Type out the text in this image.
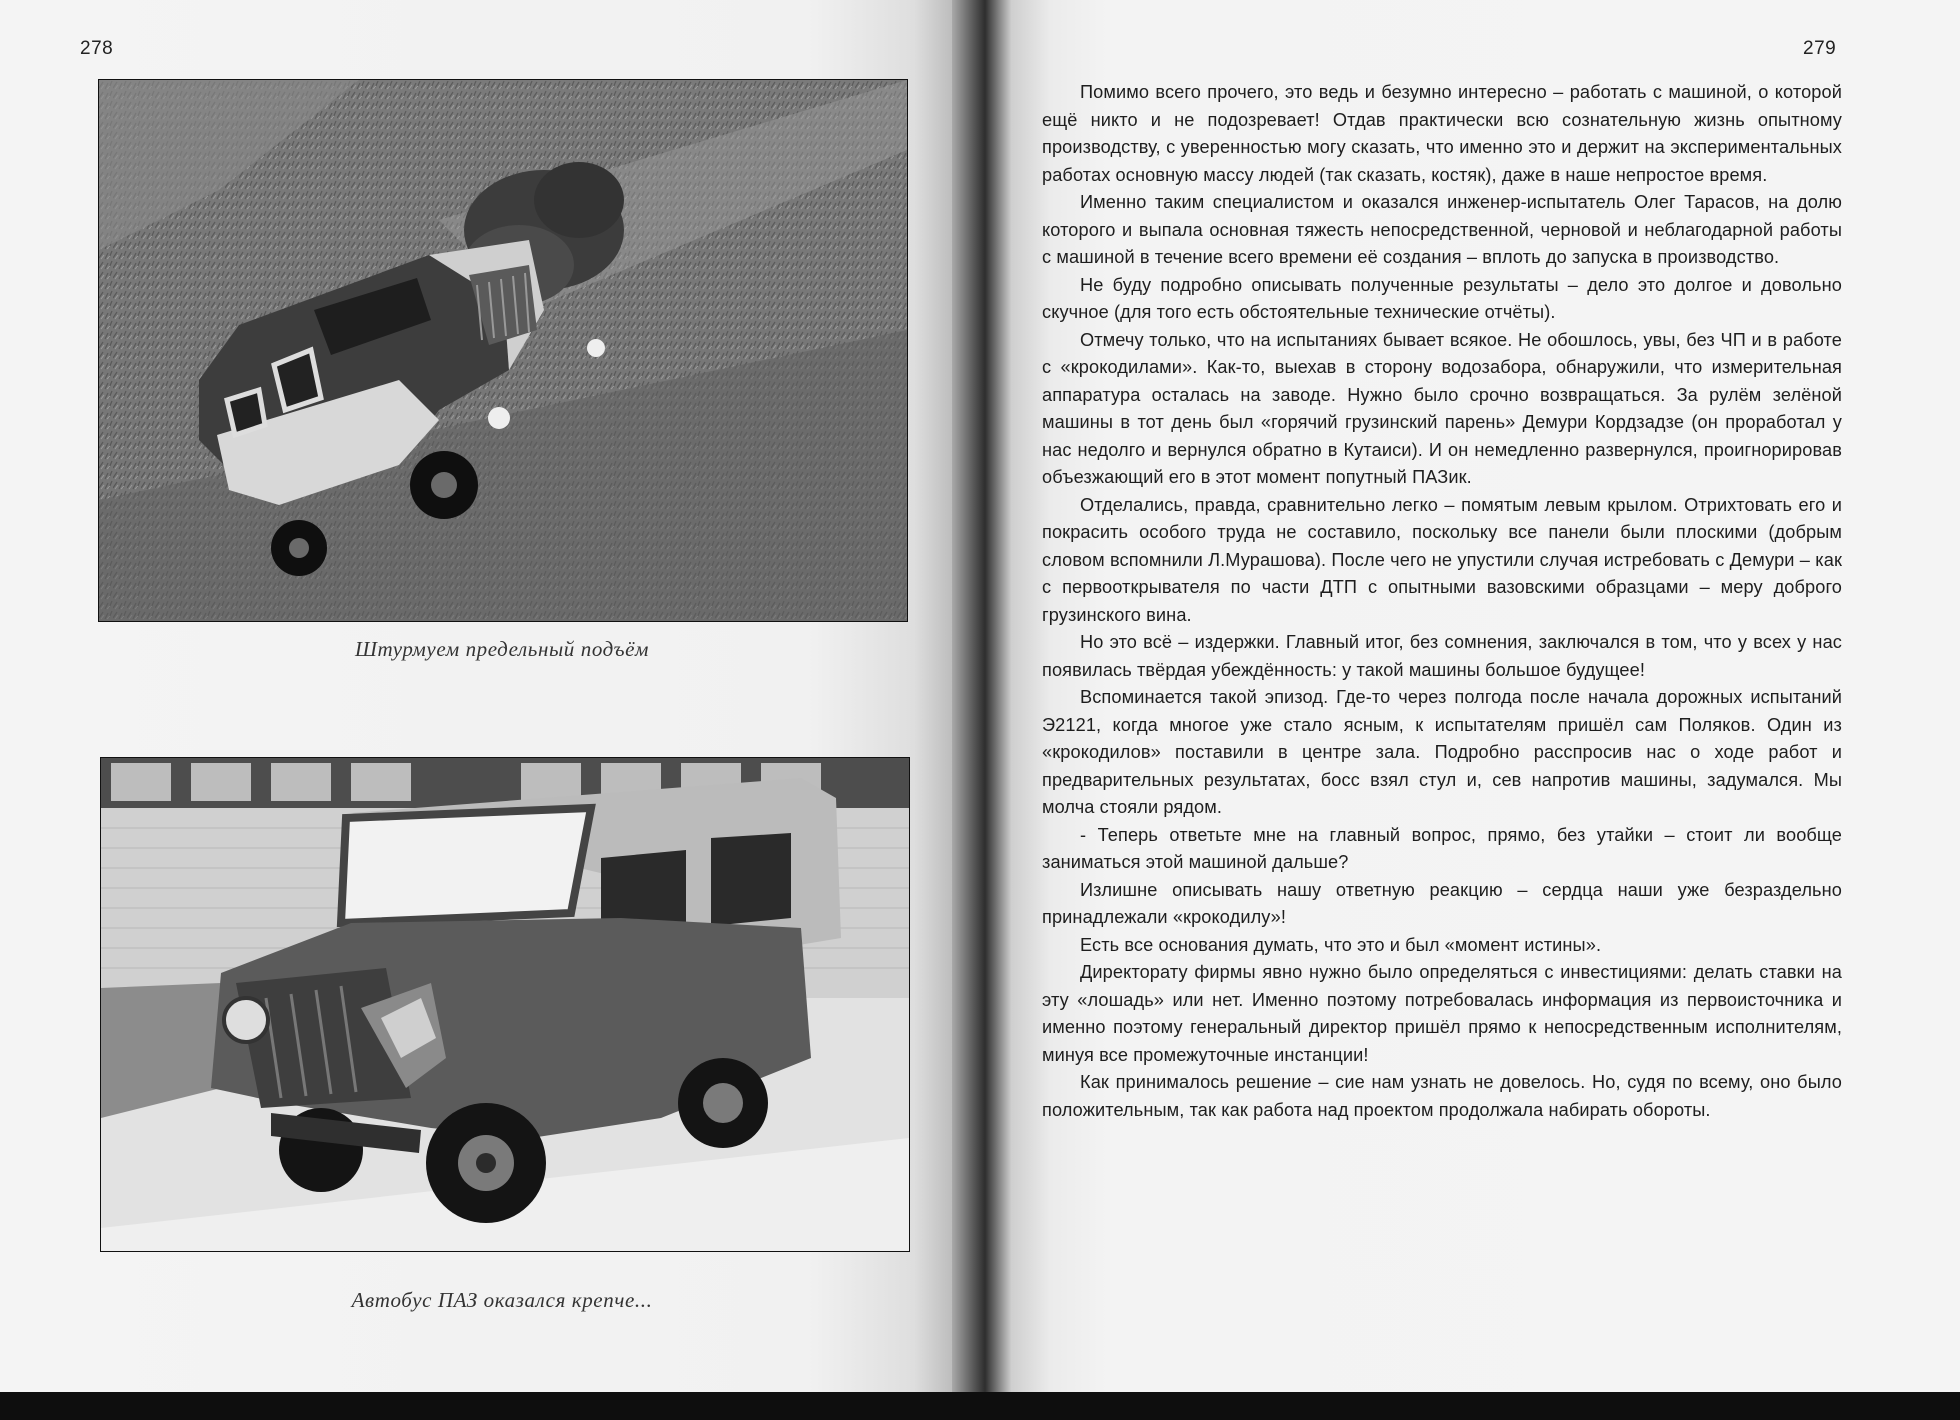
278
Штурмуем предельный подъём
Автобус ПАЗ оказался крепче...
279

Помимо всего прочего, это ведь и безумно интересно – работать с машиной, о которой ещё никто и не подозревает! Отдав практически всю сознательную жизнь опытному производству, с уверенностью могу сказать, что именно это и держит на экспериментальных работах основную массу людей (так сказать, костяк), даже в наше непростое время.

Именно таким специалистом и оказался инженер-испытатель Олег Тарасов, на долю которого и выпала основная тяжесть непосредственной, черновой и неблагодарной работы с машиной в течение всего времени её создания – вплоть до запуска в производство.

Не буду подробно описывать полученные результаты – дело это долгое и довольно скучное (для того есть обстоятельные технические отчёты).

Отмечу только, что на испытаниях бывает всякое. Не обошлось, увы, без ЧП и в работе с «крокодилами». Как-то, выехав в сторону водозабора, обнаружили, что измерительная аппаратура осталась на заводе. Нужно было срочно возвращаться. За рулём зелёной машины в тот день был «горячий грузинский парень» Демури Кордзадзе (он проработал у нас недолго и вернулся обратно в Кутаиси). И он немедленно развернулся, проигнорировав объезжающий его в этот момент попутный ПАЗик.

Отделались, правда, сравнительно легко – помятым левым крылом. Отрихтовать его и покрасить особого труда не составило, поскольку все панели были плоскими (добрым словом вспомнили Л.Мурашова). После чего не упустили случая истребовать с Демури – как с первооткрывателя по части ДТП с опытными вазовскими образцами – меру доброго грузинского вина.

Но это всё – издержки. Главный итог, без сомнения, заключался в том, что у всех у нас появилась твёрдая убеждённость: у такой машины большое будущее!

Вспоминается такой эпизод. Где-то через полгода после начала дорожных испытаний Э2121, когда многое уже стало ясным, к испытателям пришёл сам Поляков. Один из «крокодилов» поставили в центре зала. Подробно расспросив нас о ходе работ и предварительных результатах, босс взял стул и, сев напротив машины, задумался. Мы молча стояли рядом.

- Теперь ответьте мне на главный вопрос, прямо, без утайки – стоит ли вообще заниматься этой машиной дальше?

Излишне описывать нашу ответную реакцию – сердца наши уже безраздельно принадлежали «крокодилу»!

Есть все основания думать, что это и был «момент истины».

Директорату фирмы явно нужно было определяться с инвестициями: делать ставки на эту «лошадь» или нет. Именно поэтому потребовалась информация из первоисточника и именно поэтому генеральный директор пришёл прямо к непосредственным исполнителям, минуя все промежуточные инстанции!

Как принималось решение – сие нам узнать не довелось. Но, судя по всему, оно было положительным, так как работа над проектом продолжала набирать обороты.
